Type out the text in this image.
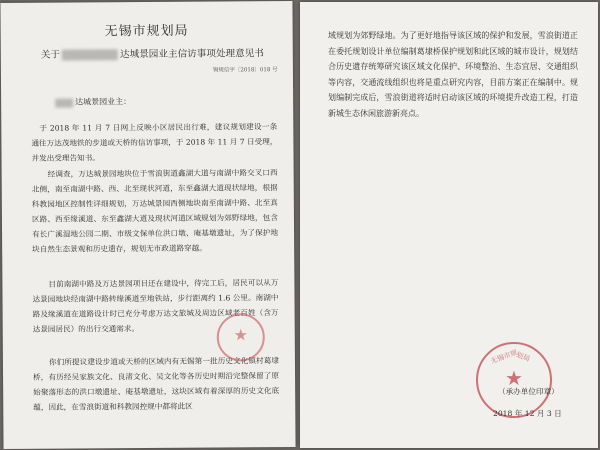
无锡市规划局
关于	达城景园业主信访事项处理意见书
锡规信字〔2018〕018 号
达城景园业主：

于 2018 年 11 月 7 日网上反映小区居民出行难，建议规划建设一条通往万达茂地铁的步道或天桥的信访事项，于 2018 年 11 月 7 日受理，并发出受理告知书。

经调查，万达城景园地块位于雪浪街道鑫湖大道与南湖中路交叉口西北侧，南至南湖中路、西、北至现状河道，东至鑫湖大道现状绿地，根据科教园地区控制性详细规划，万达城景园西侧地块南至南湖中路、北至真区路、西至缘溪道、东至鑫湖大道及现状河道区域规划为郊野绿地，包含有长广溪湿地公园二期、市级文保单位洪口墩、庵基墩遗址，为了保护地块自然生态景观和历史遗存，规划无市政道路穿越。

目前南湖中路及万达景园项目还在建设中，待完工后，居民可以从万达景园地块经南湖中路转缘溪道至地铁站，步行距离约 1.6 公里。南湖中路及缘溪道在道路设计时已充分考虑万达文旅城及周边区域老百姓（含万达景园居民）的出行交通需求。

你们所提议建设步道或天桥的区域内有无锡第一批历史文化镇村葛埭桥，有历经吴家族文化、良渚文化、吴文化等各历史时期沿完整保留了原始聚落形态的洪口墩遗址、庵基墩遗址，这块区域有着深厚的历史文化底蕴，因此，在雪浪街道和科教园控规中都将此区

★

域规划为郊野绿地。为了更好地指导该区域的保护和发展，雪浪街道正在委托规划设计单位编制葛埭桥保护规划和此区域的城市设计，规划结合历史遗存统筹研究该区域文化保护、环境整治、生态宜居、交通组织等内容，交通流线组织也将是重点研究内容，目前方案正在编制中。规划编制完成后，雪浪街道将适时启动该区域的环境提升改造工程，打造新城生态休闲旅游新亮点。

无锡市规
划局
★
（承办单位印章）
2018 年 12 月 3 日
